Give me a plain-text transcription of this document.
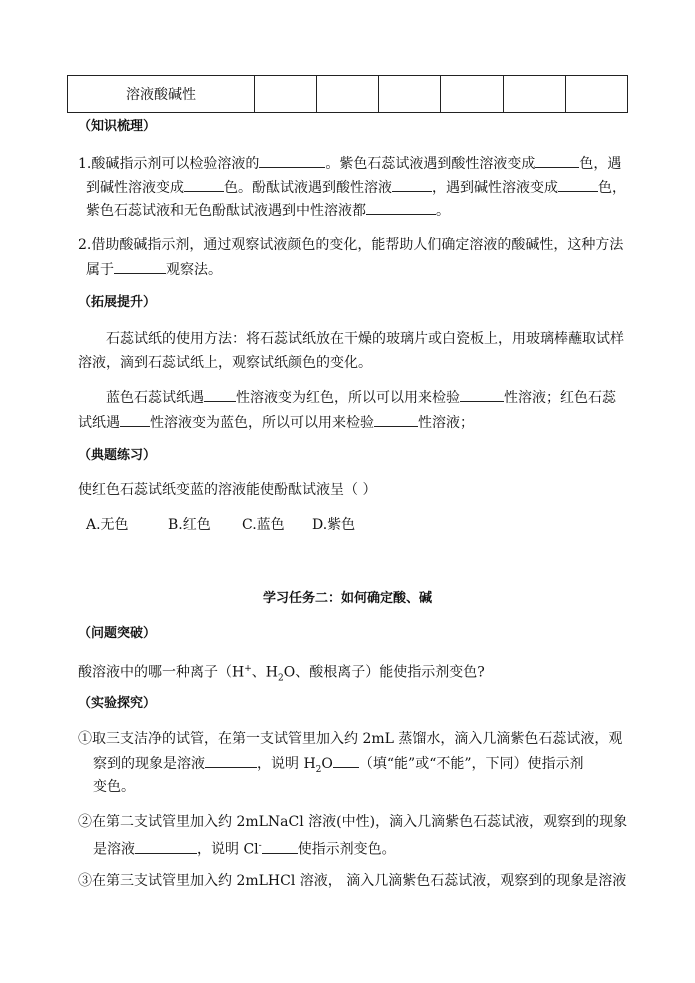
溶液酸碱性						
（知识梳理）
1.酸碱指示剂可以检验溶液的	。紫色石蕊试液遇到酸性溶液变成	色，遇
到碱性溶液变成	色。酚酞试液遇到酸性溶液	，遇到碱性溶液变成	色，
紫色石蕊试液和无色酚酞试液遇到中性溶液都	。
2.借助酸碱指示剂，通过观察试液颜色的变化，能帮助人们确定溶液的酸碱性，这种方法
属于	观察法。
（拓展提升）
石蕊试纸的使用方法：将石蕊试纸放在干燥的玻璃片或白瓷板上，用玻璃棒蘸取试样
溶液，滴到石蕊试纸上，观察试纸颜色的变化。
蓝色石蕊试纸遇 性溶液变为红色，所以可以用来检验	性溶液；红色石蕊
试纸遇 性溶液变为蓝色，所以可以用来检验	性溶液；
（典题练习）
使红色石蕊试纸变蓝的溶液能使酚酞试液呈（ ）
A.无色	B.红色 C.蓝色 D.紫色
学习任务二：如何确定酸、碱
（问题突破）
酸溶液中的哪一种离子（H+、$H_2O$、酸根离子）能使指示剂变色?
（实验探究）
①取三支洁净的试管，在第一支试管里加入约 2mL 蒸馏水，滴入几滴紫色石蕊试液，观
察到的现象是溶液	，说明 $H_2O$ （填“能”或“不能”，下同）使指示剂
变色。
②在第二支试管里加入约 2mLNaCl 溶液(中性)，滴入几滴紫色石蕊试液，观察到的现象
是溶液	，说明 Cl-	使指示剂变色。
③在第三支试管里加入约 2mLHCl 溶液， 滴入几滴紫色石蕊试液，观察到的现象是溶液
